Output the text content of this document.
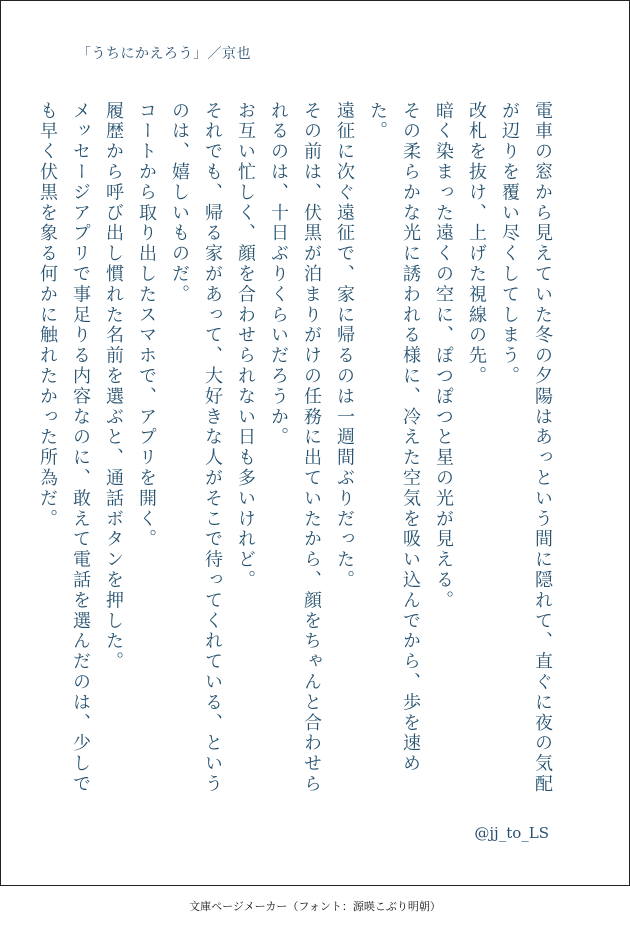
「うちにかえろう」／京也

電車の窓から見えていた冬の夕陽はあっという間に隠れて、直ぐに夜の気配が辺りを覆い尽くしてしまう。

改札を抜け、上げた視線の先。

暗く染まった遠くの空に、ぽつぽつと星の光が見える。

その柔らかな光に誘われる様に、冷えた空気を吸い込んでから、歩を速めた。

遠征に次ぐ遠征で、家に帰るのは一週間ぶりだった。

その前は、伏黒が泊まりがけの任務に出ていたから、顔をちゃんと合わせられるのは、十日ぶりくらいだろうか。

お互い忙しく、顔を合わせられない日も多いけれど。

それでも、帰る家があって、大好きな人がそこで待ってくれている、というのは、嬉しいものだ。

コートから取り出したスマホで、アプリを開く。

履歴から呼び出し慣れた名前を選ぶと、通話ボタンを押した。

メッセージアプリで事足りる内容なのに、敢えて電話を選んだのは、少しでも早く伏黒を象る何かに触れたかった所為だ。

@jj_to_LS
文庫ページメーカー（フォント：源暎こぶり明朝）
